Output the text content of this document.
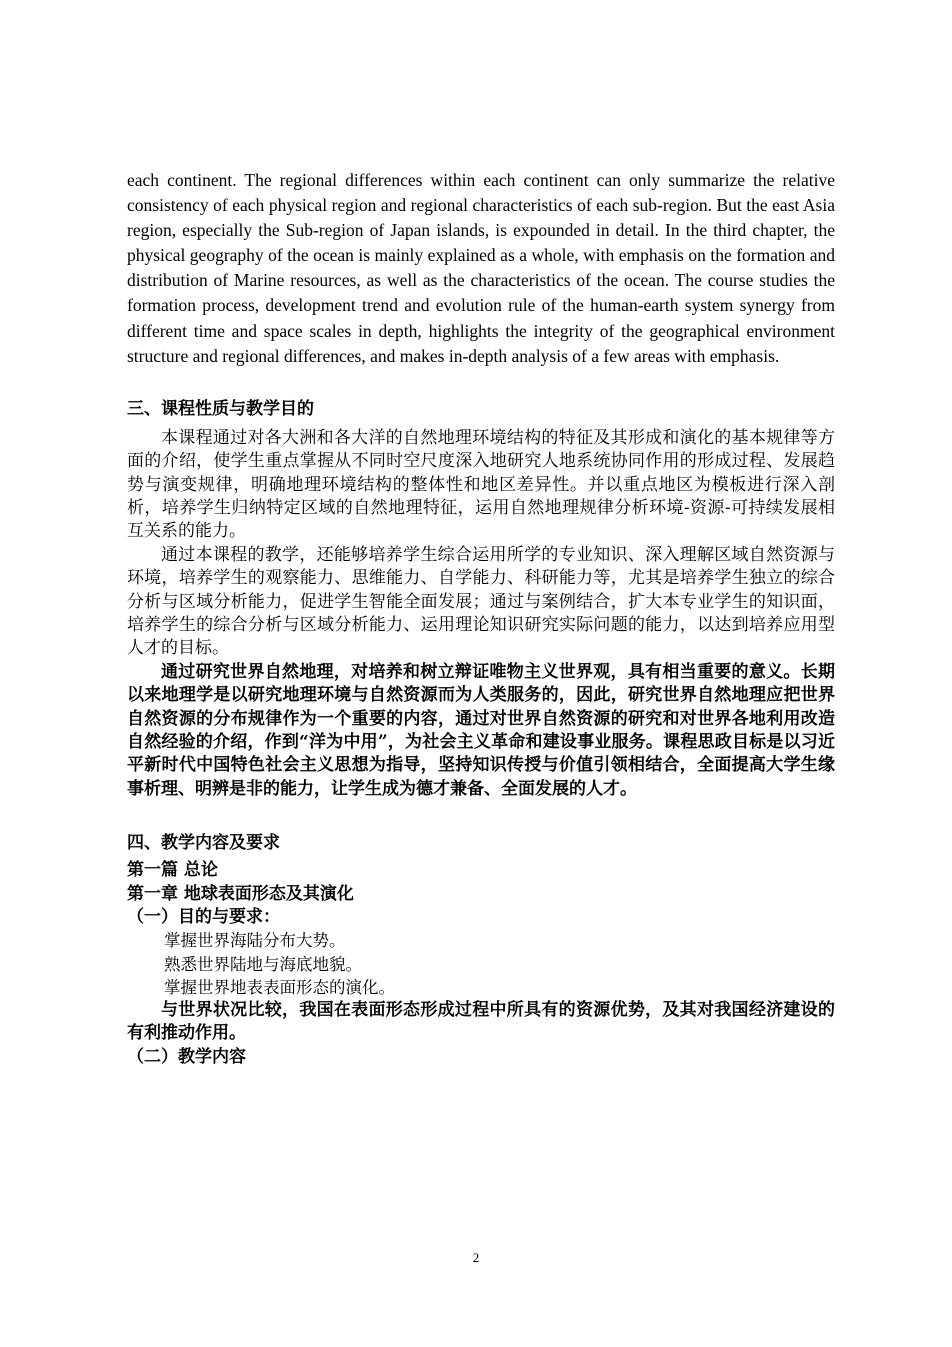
each continent. The regional differences within each continent can only summarize the relative consistency of each physical region and regional characteristics of each sub-region. But the east Asia region, especially the Sub-region of Japan islands, is expounded in detail. In the third chapter, the physical geography of the ocean is mainly explained as a whole, with emphasis on the formation and distribution of Marine resources, as well as the characteristics of the ocean. The course studies the formation process, development trend and evolution rule of the human-earth system synergy from different time and space scales in depth, highlights the integrity of the geographical environment structure and regional differences, and makes in-depth analysis of a few areas with emphasis.

三、课程性质与教学目的

本课程通过对各大洲和各大洋的自然地理环境结构的特征及其形成和演化的基本规律等方面的介绍，使学生重点掌握从不同时空尺度深入地研究人地系统协同作用的形成过程、发展趋势与演变规律，明确地理环境结构的整体性和地区差异性。并以重点地区为模板进行深入剖析，培养学生归纳特定区域的自然地理特征，运用自然地理规律分析环境-资源-可持续发展相互关系的能力。

通过本课程的教学，还能够培养学生综合运用所学的专业知识、深入理解区域自然资源与环境，培养学生的观察能力、思维能力、自学能力、科研能力等，尤其是培养学生独立的综合分析与区域分析能力，促进学生智能全面发展；通过与案例结合，扩大本专业学生的知识面，培养学生的综合分析与区域分析能力、运用理论知识研究实际问题的能力，以达到培养应用型人才的目标。

通过研究世界自然地理，对培养和树立辩证唯物主义世界观，具有相当重要的意义。长期以来地理学是以研究地理环境与自然资源而为人类服务的，因此，研究世界自然地理应把世界自然资源的分布规律作为一个重要的内容，通过对世界自然资源的研究和对世界各地利用改造自然经验的介绍，作到“洋为中用”，为社会主义革命和建设事业服务。课程思政目标是以习近平新时代中国特色社会主义思想为指导，坚持知识传授与价值引领相结合，全面提高大学生缘事析理、明辨是非的能力，让学生成为德才兼备、全面发展的人才。

四、教学内容及要求

第一篇 总论

第一章 地球表面形态及其演化

（一）目的与要求：

掌握世界海陆分布大势。

熟悉世界陆地与海底地貌。

掌握世界地表表面形态的演化。

与世界状况比较，我国在表面形态形成过程中所具有的资源优势，及其对我国经济建设的有利推动作用。

（二）教学内容

2
